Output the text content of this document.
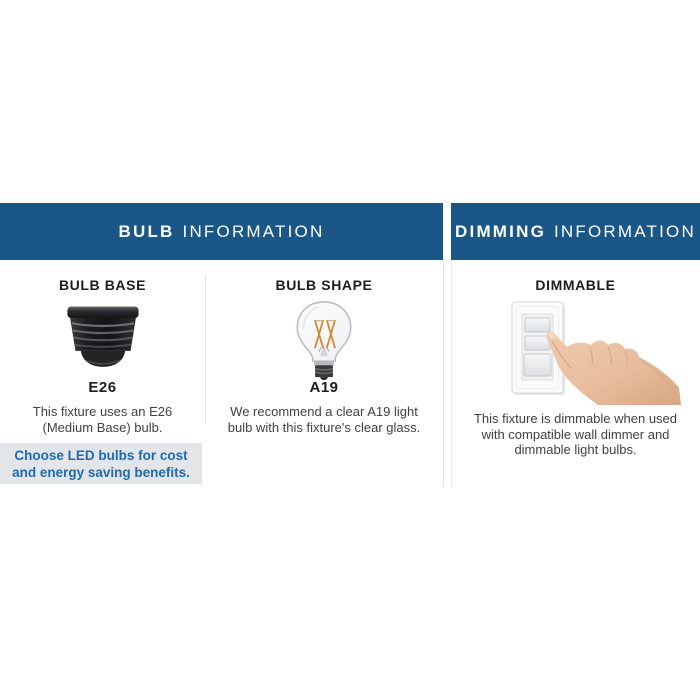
BULB INFORMATION
BULB BASE
E26
This fixture uses an E26 (Medium Base) bulb.
BULB SHAPE
A19
We recommend a clear A19 light bulb with this fixture's clear glass.
Choose LED bulbs for cost and energy saving benefits.
DIMMING INFORMATION
DIMMABLE
This fixture is dimmable when used with compatible wall dimmer and dimmable light bulbs.
